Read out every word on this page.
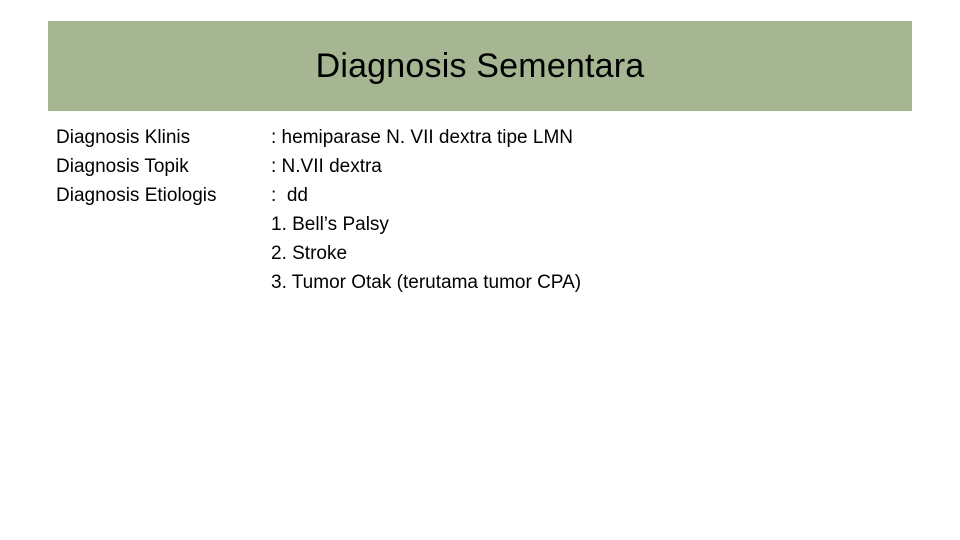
Diagnosis Sementara
Diagnosis Klinis
Diagnosis Topik
Diagnosis Etiologis
: hemiparase N. VII dextra tipe LMN
: N.VII dextra
:  dd
1. Bell’s Palsy
2. Stroke
3. Tumor Otak (terutama tumor CPA)
